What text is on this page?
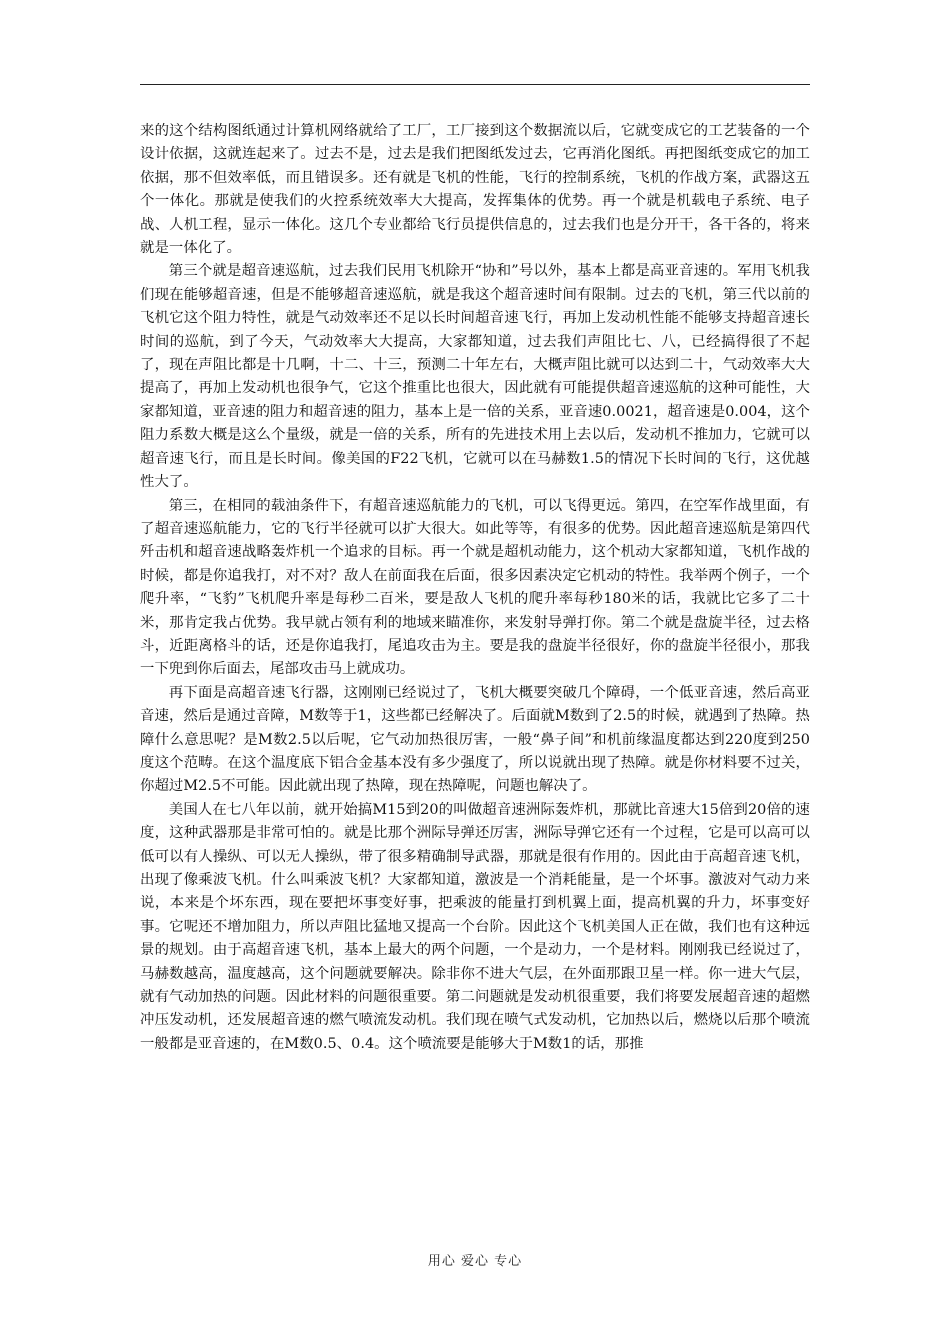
来的这个结构图纸通过计算机网络就给了工厂，工厂接到这个数据流以后，它就变成它的工艺装备的一个设计依据，这就连起来了。过去不是，过去是我们把图纸发过去，它再消化图纸。再把图纸变成它的加工依据，那不但效率低，而且错误多。还有就是飞机的性能，飞行的控制系统，飞机的作战方案，武器这五个一体化。那就是使我们的火控系统效率大大提高，发挥集体的优势。再一个就是机载电子系统、电子战、人机工程，显示一体化。这几个专业都给飞行员提供信息的，过去我们也是分开干，各干各的，将来就是一体化了。

第三个就是超音速巡航，过去我们民用飞机除开“协和”号以外，基本上都是高亚音速的。军用飞机我们现在能够超音速，但是不能够超音速巡航，就是我这个超音速时间有限制。过去的飞机，第三代以前的飞机它这个阻力特性，就是气动效率还不足以长时间超音速飞行，再加上发动机性能不能够支持超音速长时间的巡航，到了今天，气动效率大大提高，大家都知道，过去我们声阻比七、八，已经搞得很了不起了，现在声阻比都是十几啊，十二、十三，预测二十年左右，大概声阻比就可以达到二十，气动效率大大提高了，再加上发动机也很争气，它这个推重比也很大，因此就有可能提供超音速巡航的这种可能性，大家都知道，亚音速的阻力和超音速的阻力，基本上是一倍的关系，亚音速0.0021，超音速是0.004，这个阻力系数大概是这么个量级，就是一倍的关系，所有的先进技术用上去以后，发动机不推加力，它就可以超音速飞行，而且是长时间。像美国的F22飞机，它就可以在马赫数1.5的情况下长时间的飞行，这优越性大了。

第三，在相同的载油条件下，有超音速巡航能力的飞机，可以飞得更远。第四，在空军作战里面，有了超音速巡航能力，它的飞行半径就可以扩大很大。如此等等，有很多的优势。因此超音速巡航是第四代歼击机和超音速战略轰炸机一个追求的目标。再一个就是超机动能力，这个机动大家都知道，飞机作战的时候，都是你追我打，对不对？敌人在前面我在后面，很多因素决定它机动的特性。我举两个例子，一个爬升率，“飞豹”飞机爬升率是每秒二百米，要是敌人飞机的爬升率每秒180米的话，我就比它多了二十米，那肯定我占优势。我早就占领有利的地域来瞄准你，来发射导弹打你。第二个就是盘旋半径，过去格斗，近距离格斗的话，还是你追我打，尾追攻击为主。要是我的盘旋半径很好，你的盘旋半径很小，那我一下兜到你后面去，尾部攻击马上就成功。

再下面是高超音速飞行器，这刚刚已经说过了，飞机大概要突破几个障碍，一个低亚音速，然后高亚音速，然后是通过音障，M数等于1，这些都已经解决了。后面就M数到了2.5的时候，就遇到了热障。热障什么意思呢？是M数2.5以后呢，它气动加热很厉害，一般“鼻子间”和机前缘温度都达到220度到250度这个范畴。在这个温度底下铝合金基本没有多少强度了，所以说就出现了热障。就是你材料要不过关，你超过M2.5不可能。因此就出现了热障，现在热障呢，问题也解决了。

美国人在七八年以前，就开始搞M15到20的叫做超音速洲际轰炸机，那就比音速大15倍到20倍的速度，这种武器那是非常可怕的。就是比那个洲际导弹还厉害，洲际导弹它还有一个过程，它是可以高可以低可以有人操纵、可以无人操纵，带了很多精确制导武器，那就是很有作用的。因此由于高超音速飞机，出现了像乘波飞机。什么叫乘波飞机？大家都知道，激波是一个消耗能量，是一个坏事。激波对气动力来说，本来是个坏东西，现在要把坏事变好事，把乘波的能量打到机翼上面，提高机翼的升力，坏事变好事。它呢还不增加阻力，所以声阻比猛地又提高一个台阶。因此这个飞机美国人正在做，我们也有这种远景的规划。由于高超音速飞机，基本上最大的两个问题，一个是动力，一个是材料。刚刚我已经说过了，马赫数越高，温度越高，这个问题就要解决。除非你不进大气层，在外面那跟卫星一样。你一进大气层，就有气动加热的问题。因此材料的问题很重要。第二问题就是发动机很重要，我们将要发展超音速的超燃冲压发动机，还发展超音速的燃气喷流发动机。我们现在喷气式发动机，它加热以后，燃烧以后那个喷流一般都是亚音速的，在M数0.5、0.4。这个喷流要是能够大于M数1的话，那推

用心 爱心 专心
